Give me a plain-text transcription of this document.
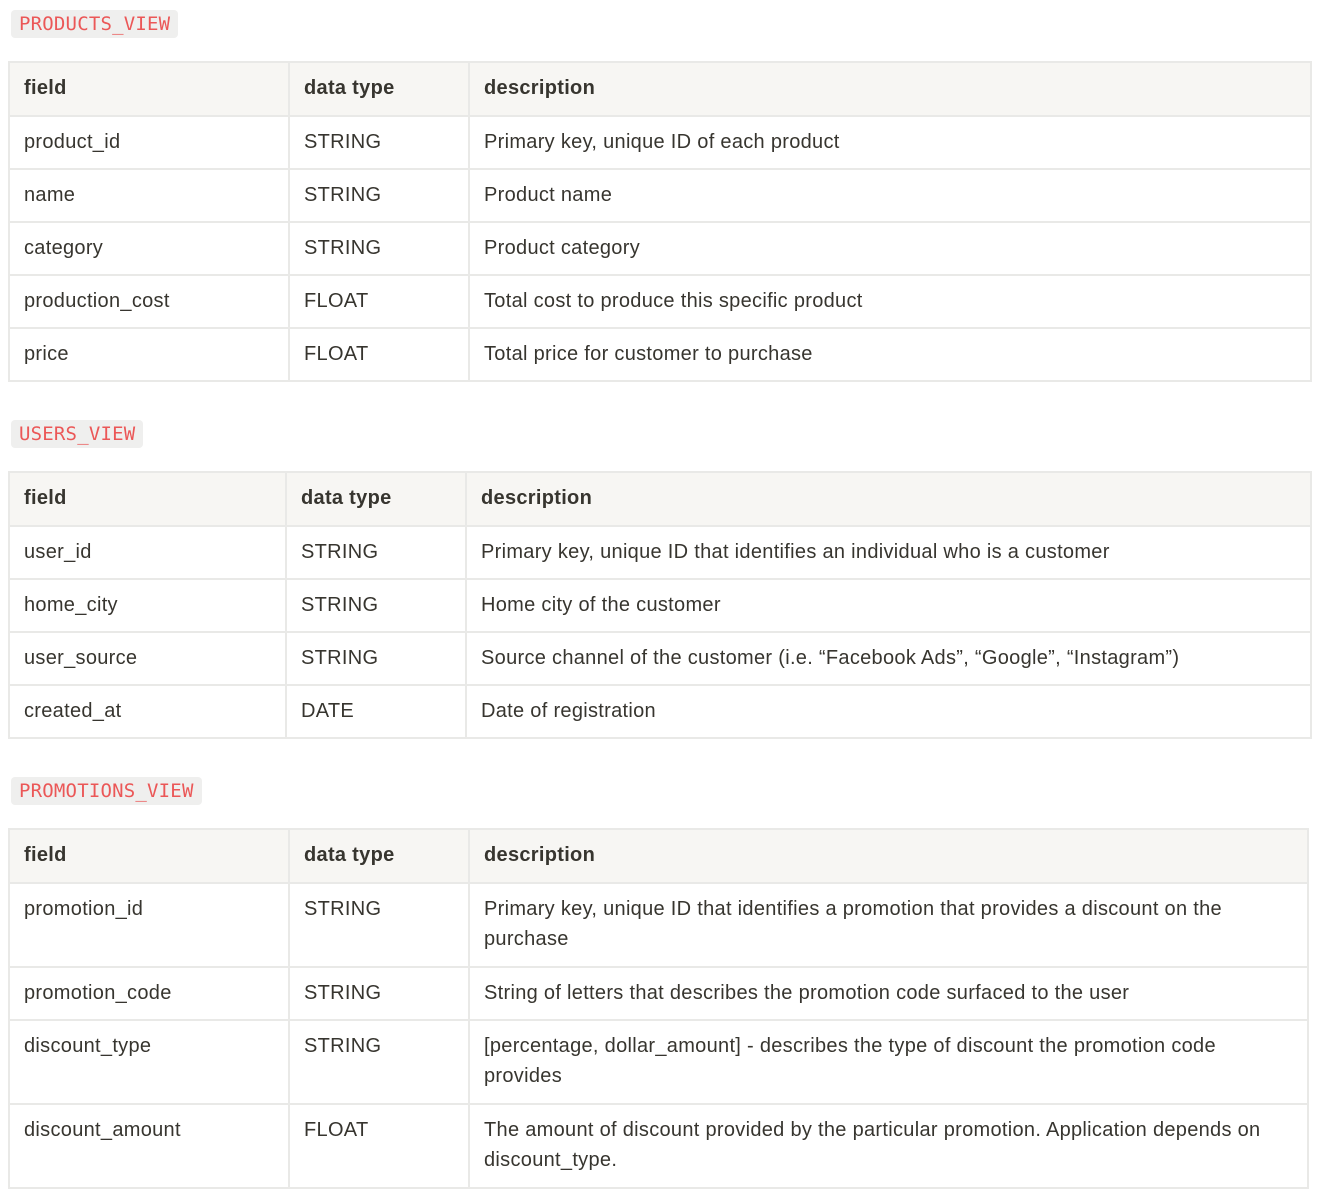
PRODUCTS_VIEW
field	data type	description
product_id	STRING	Primary key, unique ID of each product
name	STRING	Product name
category	STRING	Product category
production_cost	FLOAT	Total cost to produce this specific product
price	FLOAT	Total price for customer to purchase
USERS_VIEW
field	data type	description
user_id	STRING	Primary key, unique ID that identifies an individual who is a customer
home_city	STRING	Home city of the customer
user_source	STRING	Source channel of the customer (i.e. “Facebook Ads”, “Google”, “Instagram”)
created_at	DATE	Date of registration
PROMOTIONS_VIEW
field	data type	description
promotion_id	STRING	Primary key, unique ID that identifies a promotion that provides a discount on the purchase
promotion_code	STRING	String of letters that describes the promotion code surfaced to the user
discount_type	STRING	[percentage, dollar_amount] - describes the type of discount the promotion code provides
discount_amount	FLOAT	The amount of discount provided by the particular promotion. Application depends on discount_type.
